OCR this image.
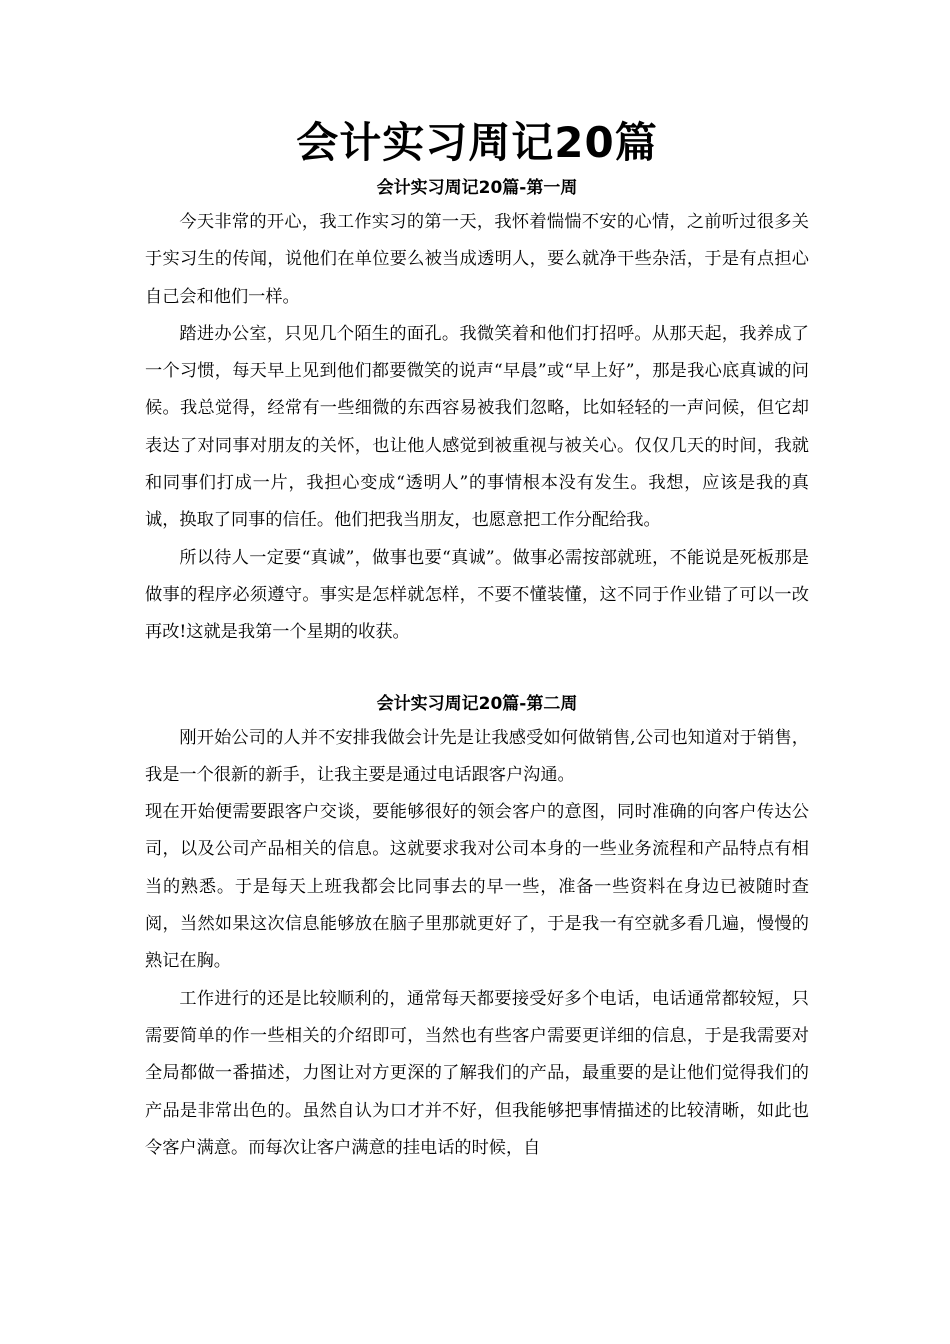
会计实习周记20篇
会计实习周记20篇-第一周

今天非常的开心，我工作实习的第一天，我怀着惴惴不安的心情，之前听过很多关于实习生的传闻，说他们在单位要么被当成透明人，要么就净干些杂活，于是有点担心自己会和他们一样。

踏进办公室，只见几个陌生的面孔。我微笑着和他们打招呼。从那天起，我养成了一个习惯，每天早上见到他们都要微笑的说声“早晨”或“早上好”，那是我心底真诚的问候。我总觉得，经常有一些细微的东西容易被我们忽略，比如轻轻的一声问候，但它却表达了对同事对朋友的关怀，也让他人感觉到被重视与被关心。仅仅几天的时间，我就和同事们打成一片，我担心变成“透明人”的事情根本没有发生。我想，应该是我的真诚，换取了同事的信任。他们把我当朋友，也愿意把工作分配给我。

所以待人一定要“真诚”，做事也要“真诚”。做事必需按部就班，不能说是死板那是做事的程序必须遵守。事实是怎样就怎样，不要不懂装懂，这不同于作业错了可以一改再改!这就是我第一个星期的收获。

会计实习周记20篇-第二周

刚开始公司的人并不安排我做会计先是让我感受如何做销售,公司也知道对于销售，我是一个很新的新手，让我主要是通过电话跟客户沟通。

现在开始便需要跟客户交谈，要能够很好的领会客户的意图，同时准确的向客户传达公司，以及公司产品相关的信息。这就要求我对公司本身的一些业务流程和产品特点有相当的熟悉。于是每天上班我都会比同事去的早一些，准备一些资料在身边已被随时查阅，当然如果这次信息能够放在脑子里那就更好了，于是我一有空就多看几遍，慢慢的熟记在胸。

工作进行的还是比较顺利的，通常每天都要接受好多个电话，电话通常都较短，只需要简单的作一些相关的介绍即可，当然也有些客户需要更详细的信息，于是我需要对全局都做一番描述，力图让对方更深的了解我们的产品，最重要的是让他们觉得我们的产品是非常出色的。虽然自认为口才并不好，但我能够把事情描述的比较清晰，如此也令客户满意。而每次让客户满意的挂电话的时候，自
